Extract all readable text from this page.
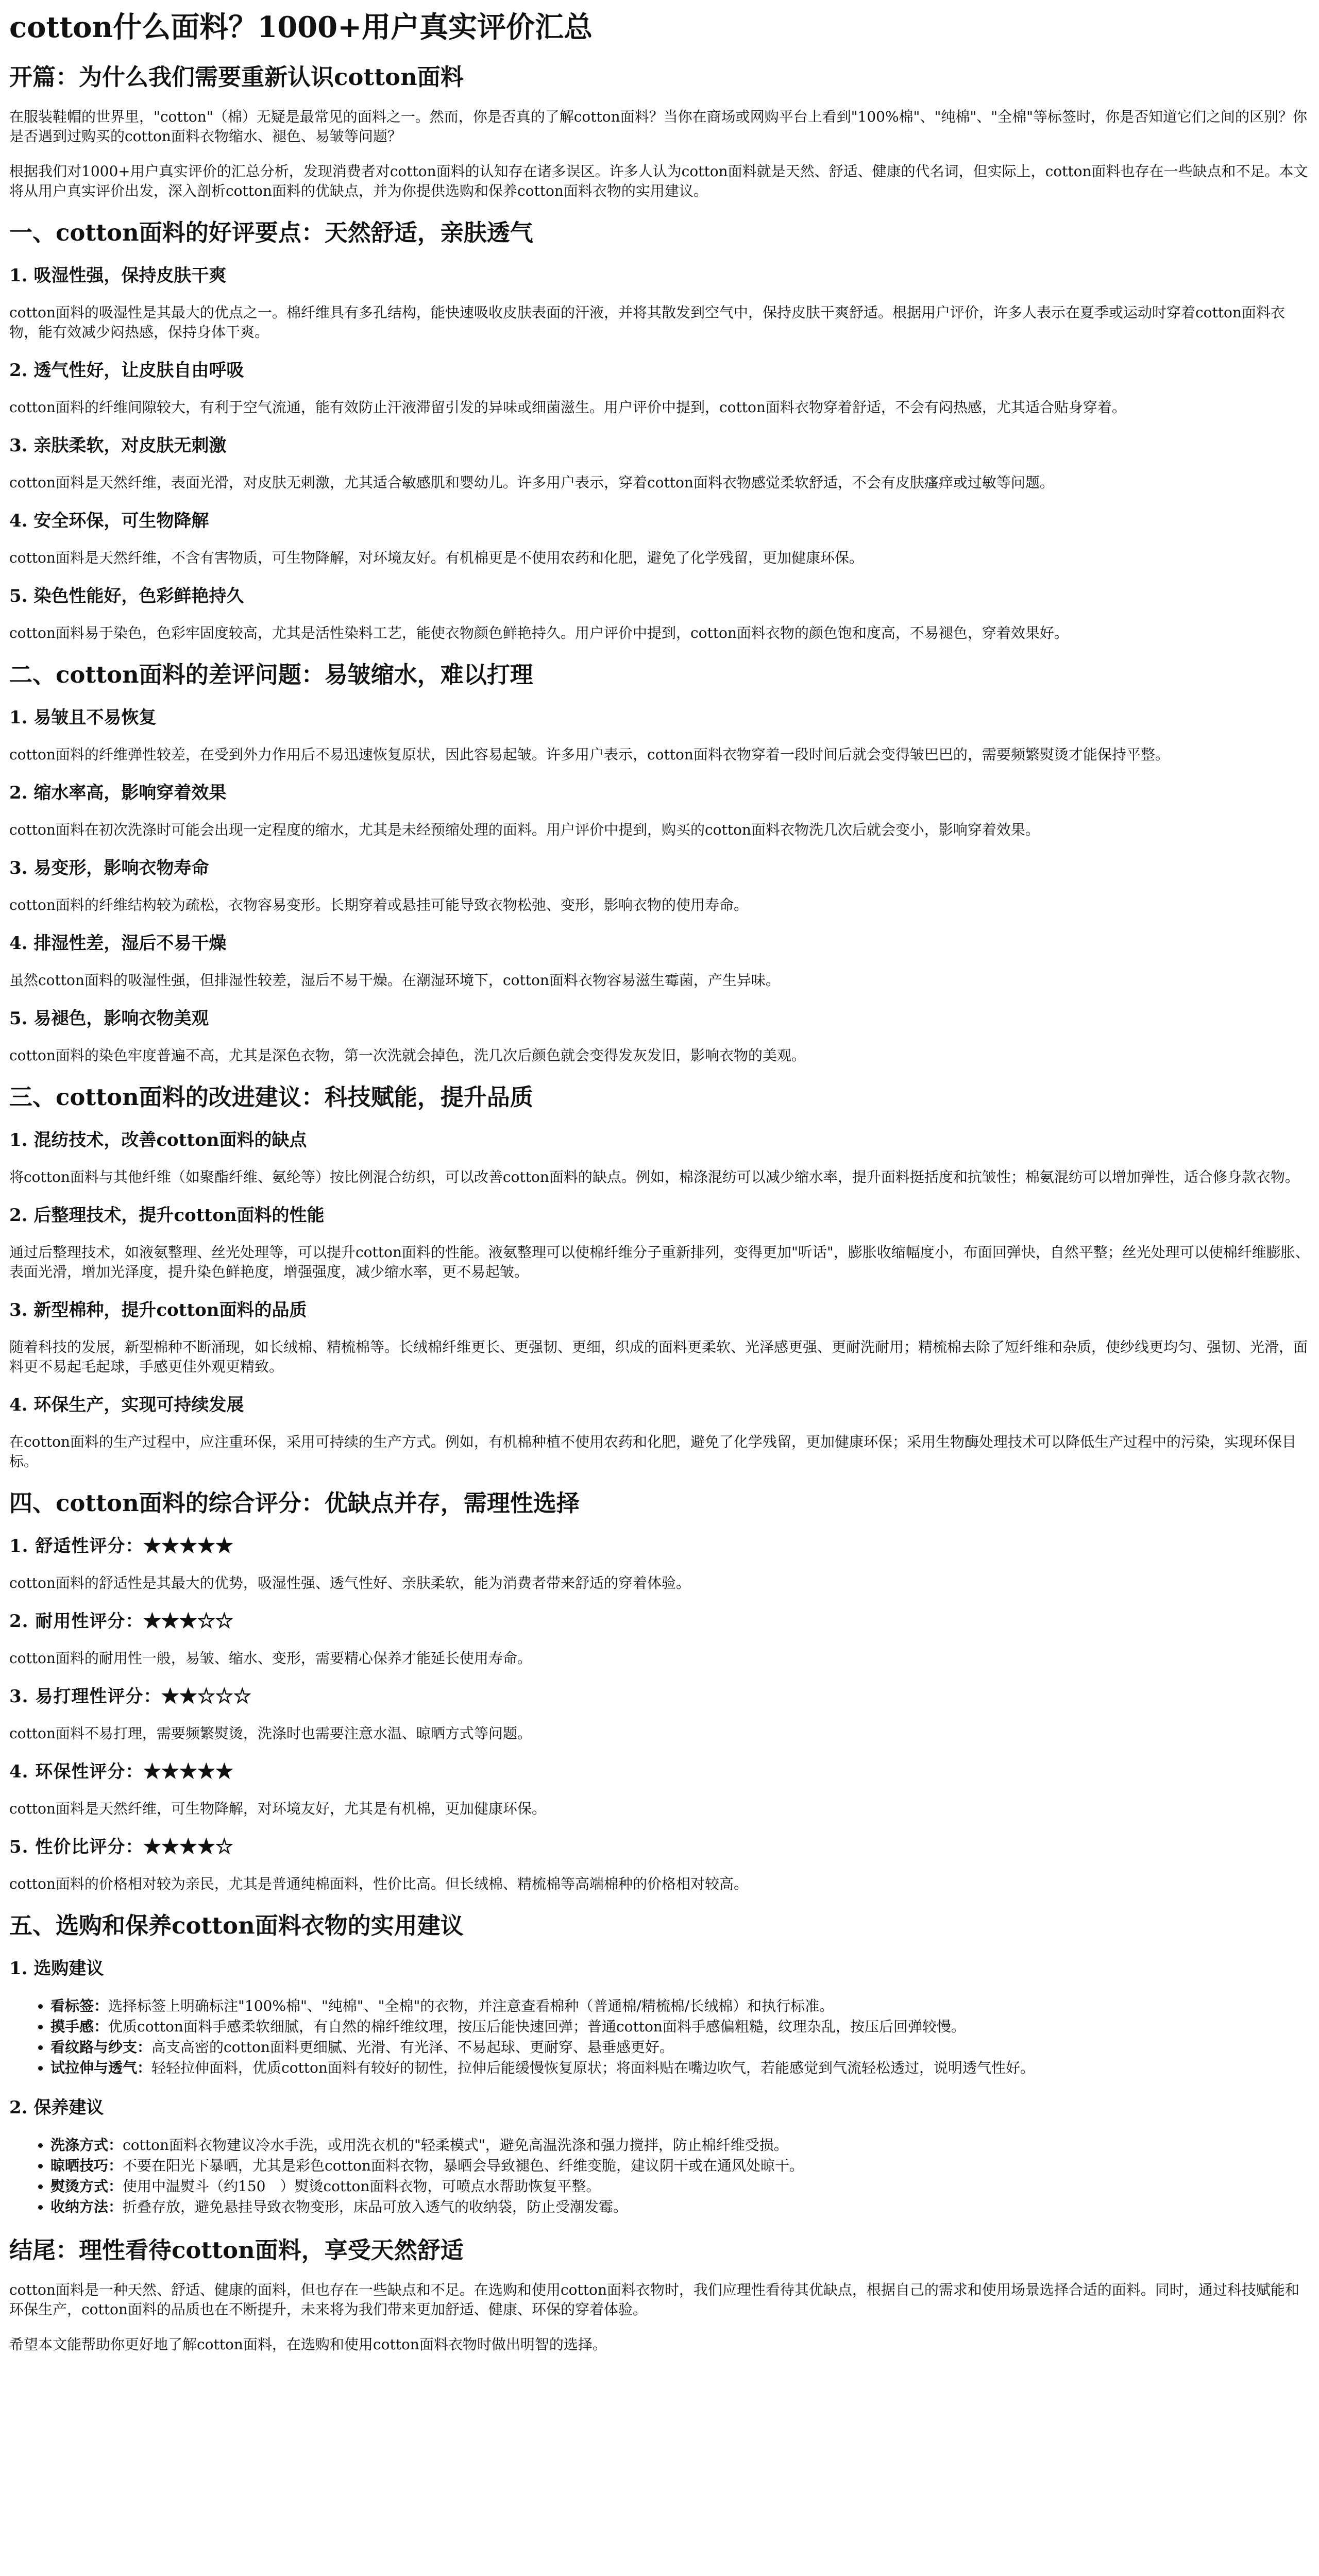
cotton什么面料？1000+用户真实评价汇总
开篇：为什么我们需要重新认识cotton面料

在服装鞋帽的世界里，"cotton"（棉）无疑是最常见的面料之一。然而，你是否真的了解cotton面料？当你在商场或网购平台上看到"100%棉"、"纯棉"、"全棉"等标签时，你是否知道它们之间的区别？你是否遇到过购买的cotton面料衣物缩水、褪色、易皱等问题？

根据我们对1000+用户真实评价的汇总分析，发现消费者对cotton面料的认知存在诸多误区。许多人认为cotton面料就是天然、舒适、健康的代名词，但实际上，cotton面料也存在一些缺点和不足。本文将从用户真实评价出发，深入剖析cotton面料的优缺点，并为你提供选购和保养cotton面料衣物的实用建议。

一、cotton面料的好评要点：天然舒适，亲肤透气
1. 吸湿性强，保持皮肤干爽

cotton面料的吸湿性是其最大的优点之一。棉纤维具有多孔结构，能快速吸收皮肤表面的汗液，并将其散发到空气中，保持皮肤干爽舒适。根据用户评价，许多人表示在夏季或运动时穿着cotton面料衣物，能有效减少闷热感，保持身体干爽。

2. 透气性好，让皮肤自由呼吸

cotton面料的纤维间隙较大，有利于空气流通，能有效防止汗液滞留引发的异味或细菌滋生。用户评价中提到，cotton面料衣物穿着舒适，不会有闷热感，尤其适合贴身穿着。

3. 亲肤柔软，对皮肤无刺激

cotton面料是天然纤维，表面光滑，对皮肤无刺激，尤其适合敏感肌和婴幼儿。许多用户表示，穿着cotton面料衣物感觉柔软舒适，不会有皮肤瘙痒或过敏等问题。

4. 安全环保，可生物降解

cotton面料是天然纤维，不含有害物质，可生物降解，对环境友好。有机棉更是不使用农药和化肥，避免了化学残留，更加健康环保。

5. 染色性能好，色彩鲜艳持久

cotton面料易于染色，色彩牢固度较高，尤其是活性染料工艺，能使衣物颜色鲜艳持久。用户评价中提到，cotton面料衣物的颜色饱和度高，不易褪色，穿着效果好。

二、cotton面料的差评问题：易皱缩水，难以打理
1. 易皱且不易恢复

cotton面料的纤维弹性较差，在受到外力作用后不易迅速恢复原状，因此容易起皱。许多用户表示，cotton面料衣物穿着一段时间后就会变得皱巴巴的，需要频繁熨烫才能保持平整。

2. 缩水率高，影响穿着效果

cotton面料在初次洗涤时可能会出现一定程度的缩水，尤其是未经预缩处理的面料。用户评价中提到，购买的cotton面料衣物洗几次后就会变小，影响穿着效果。

3. 易变形，影响衣物寿命

cotton面料的纤维结构较为疏松，衣物容易变形。长期穿着或悬挂可能导致衣物松弛、变形，影响衣物的使用寿命。

4. 排湿性差，湿后不易干燥

虽然cotton面料的吸湿性强，但排湿性较差，湿后不易干燥。在潮湿环境下，cotton面料衣物容易滋生霉菌，产生异味。

5. 易褪色，影响衣物美观

cotton面料的染色牢度普遍不高，尤其是深色衣物，第一次洗就会掉色，洗几次后颜色就会变得发灰发旧，影响衣物的美观。

三、cotton面料的改进建议：科技赋能，提升品质
1. 混纺技术，改善cotton面料的缺点

将cotton面料与其他纤维（如聚酯纤维、氨纶等）按比例混合纺织，可以改善cotton面料的缺点。例如，棉涤混纺可以减少缩水率，提升面料挺括度和抗皱性；棉氨混纺可以增加弹性，适合修身款衣物。

2. 后整理技术，提升cotton面料的性能

通过后整理技术，如液氨整理、丝光处理等，可以提升cotton面料的性能。液氨整理可以使棉纤维分子重新排列，变得更加"听话"，膨胀收缩幅度小，布面回弹快，自然平整；丝光处理可以使棉纤维膨胀、表面光滑，增加光泽度，提升染色鲜艳度，增强强度，减少缩水率，更不易起皱。

3. 新型棉种，提升cotton面料的品质

随着科技的发展，新型棉种不断涌现，如长绒棉、精梳棉等。长绒棉纤维更长、更强韧、更细，织成的面料更柔软、光泽感更强、更耐洗耐用；精梳棉去除了短纤维和杂质，使纱线更均匀、强韧、光滑，面料更不易起毛起球，手感更佳外观更精致。

4. 环保生产，实现可持续发展

在cotton面料的生产过程中，应注重环保，采用可持续的生产方式。例如，有机棉种植不使用农药和化肥，避免了化学残留，更加健康环保；采用生物酶处理技术可以降低生产过程中的污染，实现环保目标。

四、cotton面料的综合评分：优缺点并存，需理性选择
1. 舒适性评分：★★★★★

cotton面料的舒适性是其最大的优势，吸湿性强、透气性好、亲肤柔软，能为消费者带来舒适的穿着体验。

2. 耐用性评分：★★★☆☆

cotton面料的耐用性一般，易皱、缩水、变形，需要精心保养才能延长使用寿命。

3. 易打理性评分：★★☆☆☆

cotton面料不易打理，需要频繁熨烫，洗涤时也需要注意水温、晾晒方式等问题。

4. 环保性评分：★★★★★

cotton面料是天然纤维，可生物降解，对环境友好，尤其是有机棉，更加健康环保。

5. 性价比评分：★★★★☆

cotton面料的价格相对较为亲民，尤其是普通纯棉面料，性价比高。但长绒棉、精梳棉等高端棉种的价格相对较高。

五、选购和保养cotton面料衣物的实用建议
1. 选购建议
• 看标签：选择标签上明确标注"100%棉"、"纯棉"、"全棉"的衣物，并注意查看棉种（普通棉/精梳棉/长绒棉）和执行标准。
• 摸手感：优质cotton面料手感柔软细腻，有自然的棉纤维纹理，按压后能快速回弹；普通cotton面料手感偏粗糙，纹理杂乱，按压后回弹较慢。
• 看纹路与纱支：高支高密的cotton面料更细腻、光滑、有光泽、不易起球、更耐穿、悬垂感更好。
• 试拉伸与透气：轻轻拉伸面料，优质cotton面料有较好的韧性，拉伸后能缓慢恢复原状；将面料贴在嘴边吹气，若能感觉到气流轻松透过，说明透气性好。
2. 保养建议
• 洗涤方式：cotton面料衣物建议冷水手洗，或用洗衣机的"轻柔模式"，避免高温洗涤和强力搅拌，防止棉纤维受损。
• 晾晒技巧：不要在阳光下暴晒，尤其是彩色cotton面料衣物，暴晒会导致褪色、纤维变脆，建议阴干或在通风处晾干。
• 熨烫方式：使用中温熨斗（约150　）熨烫cotton面料衣物，可喷点水帮助恢复平整。
• 收纳方法：折叠存放，避免悬挂导致衣物变形，床品可放入透气的收纳袋，防止受潮发霉。
结尾：理性看待cotton面料，享受天然舒适

cotton面料是一种天然、舒适、健康的面料，但也存在一些缺点和不足。在选购和使用cotton面料衣物时，我们应理性看待其优缺点，根据自己的需求和使用场景选择合适的面料。同时，通过科技赋能和环保生产，cotton面料的品质也在不断提升，未来将为我们带来更加舒适、健康、环保的穿着体验。

希望本文能帮助你更好地了解cotton面料，在选购和使用cotton面料衣物时做出明智的选择。
